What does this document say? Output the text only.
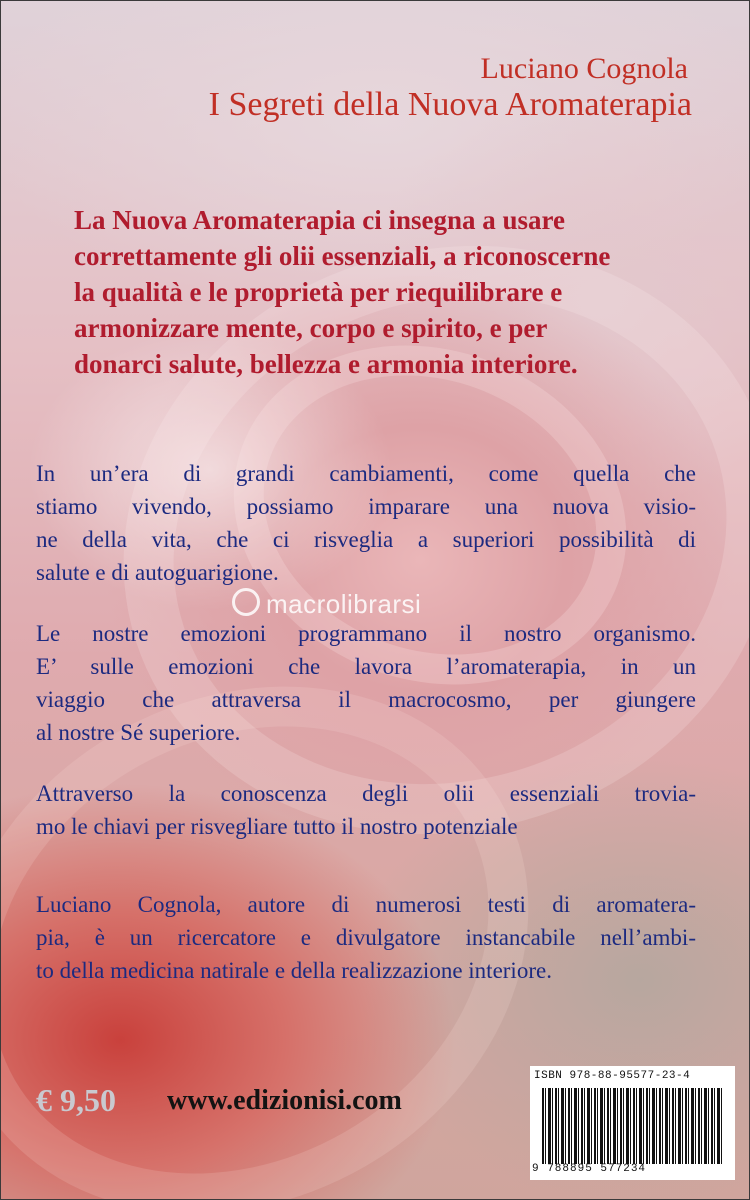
Luciano Cognola
I Segreti della Nuova Aromaterapia
La Nuova Aromaterapia ci insegna a usare
correttamente gli olii essenziali, a riconoscerne
la qualità e le proprietà per riequilibrare e
armonizzare mente, corpo e spirito, e per
donarci salute, bellezza e armonia interiore.
In un’era di grandi cambiamenti, come quella che
stiamo vivendo, possiamo imparare una nuova visio-
ne della vita, che ci risveglia a superiori possibilità di
salute e di autoguarigione.
macrolibrarsi
Le nostre emozioni programmano il nostro organismo.
E’ sulle emozioni che lavora l’aromaterapia, in un
viaggio che attraversa il macrocosmo, per giungere
al nostre Sé superiore.
Attraverso la conoscenza degli olii essenziali troviа-
mo le chiavi per risvegliare tutto il nostro potenziale
Luciano Cognola, autore di numerosi testi di aromatera-
pia, è un ricercatore e divulgatore instancabile nell’ambi-
to della medicina natirale e della realizzazione interiore.
€ 9,50 www.edizionisi.com
ISBN 978-88-95577-23-4
9 788895 577234
